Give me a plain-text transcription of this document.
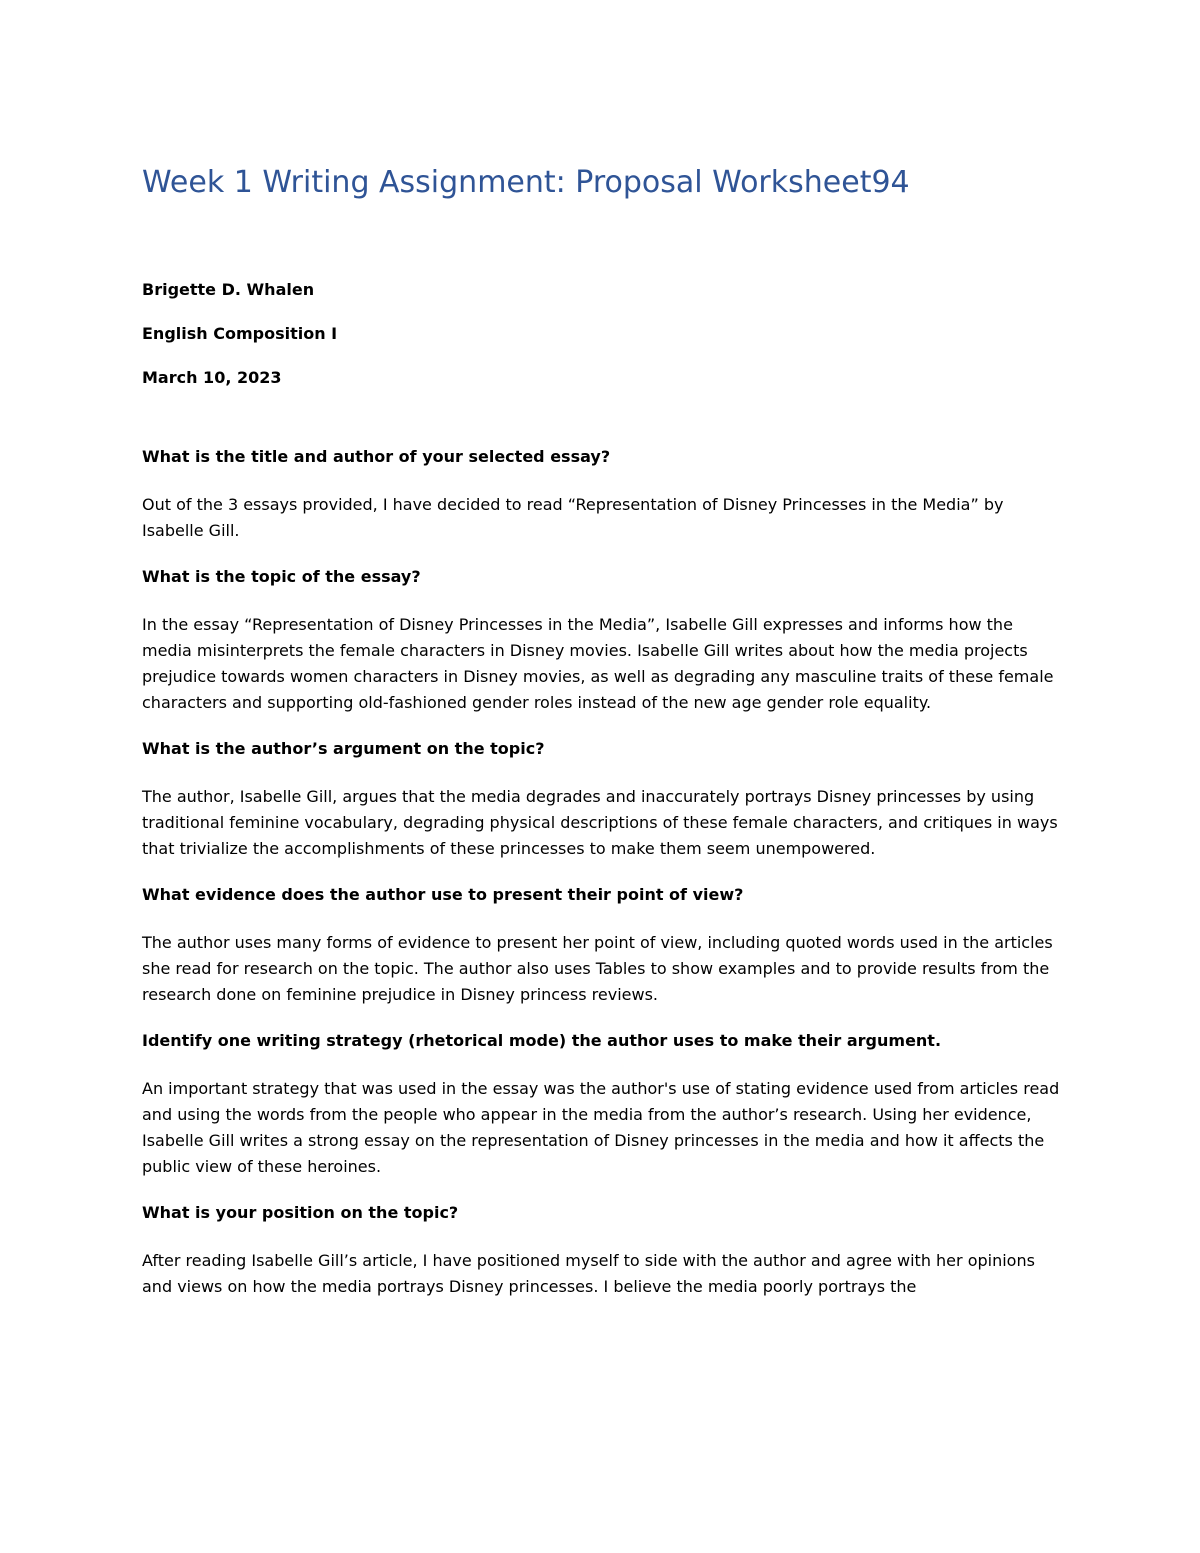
Week 1 Writing Assignment: Proposal Worksheet94

Brigette D. Whalen

English Composition I

March 10, 2023

What is the title and author of your selected essay?

Out of the 3 essays provided, I have decided to read “Representation of Disney Princesses in the Media” by Isabelle Gill.

What is the topic of the essay?

In the essay “Representation of Disney Princesses in the Media”, Isabelle Gill expresses and informs how the media misinterprets the female characters in Disney movies. Isabelle Gill writes about how the media projects prejudice towards women characters in Disney movies, as well as degrading any masculine traits of these female characters and supporting old-fashioned gender roles instead of the new age gender role equality.

What is the author’s argument on the topic?

The author, Isabelle Gill, argues that the media degrades and inaccurately portrays Disney princesses by using traditional feminine vocabulary, degrading physical descriptions of these female characters, and critiques in ways that trivialize the accomplishments of these princesses to make them seem unempowered.

What evidence does the author use to present their point of view?

The author uses many forms of evidence to present her point of view, including quoted words used in the articles she read for research on the topic. The author also uses Tables to show examples and to provide results from the research done on feminine prejudice in Disney princess reviews.

Identify one writing strategy (rhetorical mode) the author uses to make their argument.

An important strategy that was used in the essay was the author's use of stating evidence used from articles read and using the words from the people who appear in the media from the author’s research. Using her evidence, Isabelle Gill writes a strong essay on the representation of Disney princesses in the media and how it affects the public view of these heroines.

What is your position on the topic?

After reading Isabelle Gill’s article, I have positioned myself to side with the author and agree with her opinions and views on how the media portrays Disney princesses. I believe the media poorly portrays the
